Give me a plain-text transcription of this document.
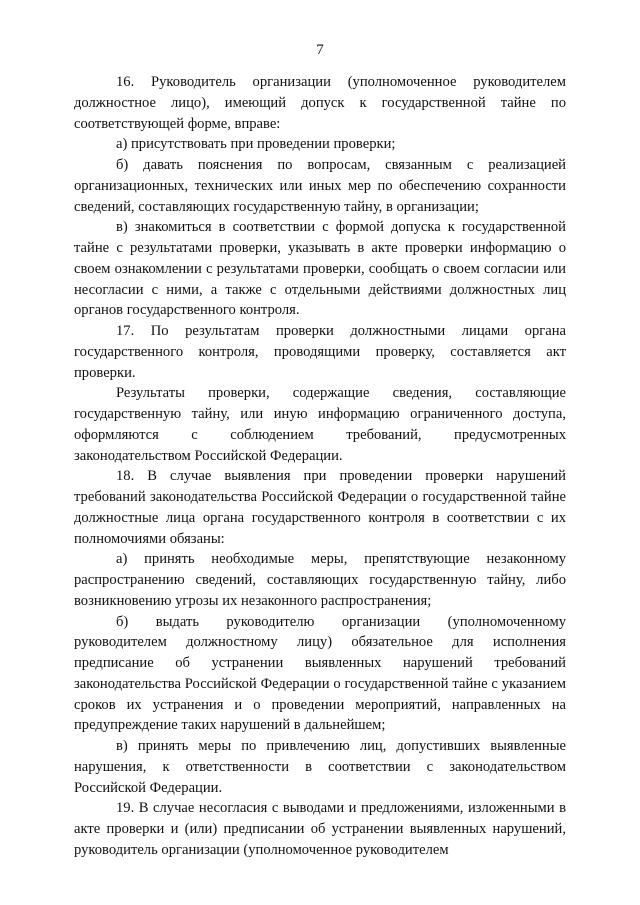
7

16. Руководитель организации (уполномоченное руководителем должностное лицо), имеющий допуск к государственной тайне по соответствующей форме, вправе:

а) присутствовать при проведении проверки;

б) давать пояснения по вопросам, связанным с реализацией организационных, технических или иных мер по обеспечению сохранности сведений, составляющих государственную тайну, в организации;

в) знакомиться в соответствии с формой допуска к государственной тайне с результатами проверки, указывать в акте проверки информацию о своем ознакомлении с результатами проверки, сообщать о своем согласии или несогласии с ними, а также с отдельными действиями должностных лиц органов государственного контроля.

17. По результатам проверки должностными лицами органа государственного контроля, проводящими проверку, составляется акт проверки.

Результаты проверки, содержащие сведения, составляющие государственную тайну, или иную информацию ограниченного доступа, оформляются с соблюдением требований, предусмотренных законодательством Российской Федерации.

18. В случае выявления при проведении проверки нарушений требований законодательства Российской Федерации о государственной тайне должностные лица органа государственного контроля в соответствии с их полномочиями обязаны:

а) принять необходимые меры, препятствующие незаконному распространению сведений, составляющих государственную тайну, либо возникновению угрозы их незаконного распространения;

б) выдать руководителю организации (уполномоченному руководителем должностному лицу) обязательное для исполнения предписание об устранении выявленных нарушений требований законодательства Российской Федерации о государственной тайне с указанием сроков их устранения и о проведении мероприятий, направленных на предупреждение таких нарушений в дальнейшем;

в) принять меры по привлечению лиц, допустивших выявленные нарушения, к ответственности в соответствии с законодательством Российской Федерации.

19. В случае несогласия с выводами и предложениями, изложенными в акте проверки и (или) предписании об устранении выявленных нарушений, руководитель организации (уполномоченное руководителем
